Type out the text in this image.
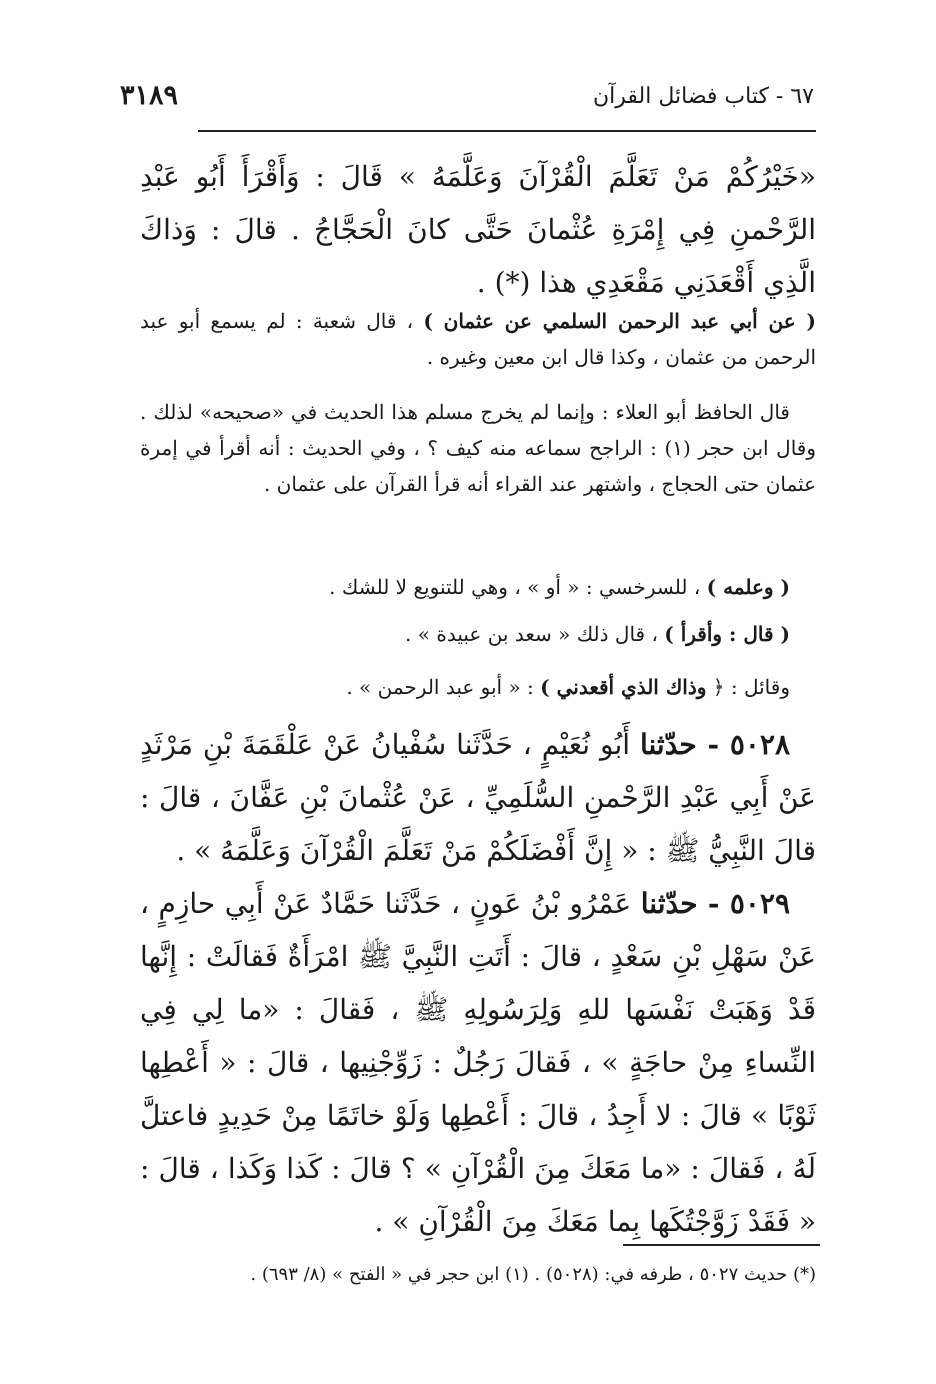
٦٧ - كتاب فضائل القرآن
٣١٨٩
«خَيْرُكُمْ مَنْ تَعَلَّمَ الْقُرْآنَ وَعَلَّمَهُ » قَالَ : وَأَقْرَأَ أَبُو عَبْدِ الرَّحْمنِ فِي إِمْرَةِ عُثْمانَ حَتَّى كانَ الْحَجَّاجُ . قالَ : وَذاكَ الَّذِي أَقْعَدَنِي مَقْعَدِي هذا (*) .
( عن أبي عبد الرحمن السلمي عن عثمان ) ، قال شعبة : لم يسمع أبو عبد الرحمن من عثمان ، وكذا قال ابن معين وغيره .
قال الحافظ أبو العلاء : وإنما لم يخرج مسلم هذا الحديث في «صحيحه» لذلك . وقال ابن حجر (١) : الراجح سماعه منه كيف ؟ ، وفي الحديث : أنه أقرأ في إمرة عثمان حتى الحجاج ، واشتهر عند القراء أنه قرأ القرآن على عثمان .
( وعلمه ) ، للسرخسي : « أو » ، وهي للتنويع لا للشك .
( قال : وأقرأ ) ، قال ذلك « سعد بن عبيدة » .
وقائل : ﴿ وذاك الذي أقعدني ) : « أبو عبد الرحمن » .
٥٠٢٨ - حدّثنا أَبُو نُعَيْمٍ ، حَدَّثَنا سُفْيانُ عَنْ عَلْقَمَةَ بْنِ مَرْثَدٍ عَنْ أَبِي عَبْدِ الرَّحْمنِ السُّلَمِيِّ ، عَنْ عُثْمانَ بْنِ عَفَّانَ ، قالَ : قالَ النَّبِيُّ ﷺ : « إِنَّ أَفْضَلَكُمْ مَنْ تَعَلَّمَ الْقُرْآنَ وَعَلَّمَهُ » .
٥٠٢٩ - حدّثنا عَمْرُو بْنُ عَونٍ ، حَدَّثَنا حَمَّادٌ عَنْ أَبِي حازِمٍ ، عَنْ سَهْلِ بْنِ سَعْدٍ ، قالَ : أَتَتِ النَّبِيَّ ﷺ امْرَأَةٌ فَقالَتْ : إِنَّها قَدْ وَهَبَتْ نَفْسَها للهِ وَلِرَسُولِهِ ﷺ ، فَقالَ : «ما لِي فِي النِّساءِ مِنْ حاجَةٍ » ، فَقالَ رَجُلٌ : زَوِّجْنِيها ، قالَ : « أَعْطِها ثَوْبًا » قالَ : لا أَجِدُ ، قالَ : أَعْطِها وَلَوْ خاتَمًا مِنْ حَدِيدٍ فاعتلَّ لَهُ ، فَقالَ : «ما مَعَكَ مِنَ الْقُرْآنِ » ؟ قالَ : كَذا وَكَذا ، قالَ : « فَقَدْ زَوَّجْتُكَها بِما مَعَكَ مِنَ الْقُرْآنِ » .
(*) حديث ٥٠٢٧ ، طرفه في: (٥٠٢٨) . (١) ابن حجر في « الفتح » (٨/ ٦٩٣) .
